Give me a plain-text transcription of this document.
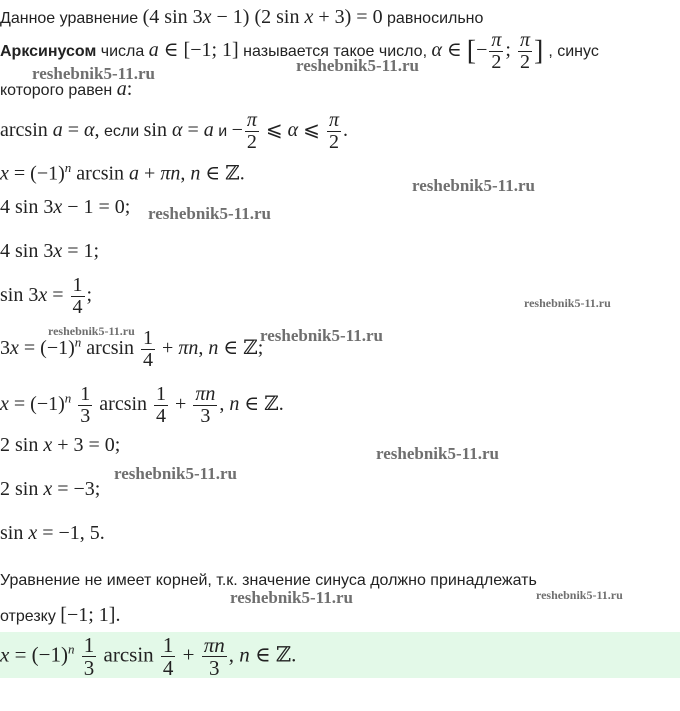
Данное уравнение (4 sin 3x − 1) (2 sin x + 3) = 0 равносильно
Арксинусом числа a ∈ [−1; 1] называется такое число, α ∈ [− $\frac{\pi}{2}$ ; $\frac{\pi}{2}$ ] , синус
которого равен a:
arcsin a = α, если sin α = a $и - \frac{\pi}{2}$ ⩽ α ⩽ $\frac{\pi}{2}$ .
$x = (-1)^n$ arcsin a + πn, n ∈ ℤ.
4 sin 3x − 1 = 0;
4 sin 3x = 1;
$\sin 3x = \frac{1}{4}$ ;
$3x = (-1)^n$ $\arcsin \frac{1}{4} + \pi n$, n ∈ ℤ;
$x = (-1)^n \frac{1}{3}$ $\arcsin \frac{1}{4} + \frac{\pi n}{3}$ , n ∈ ℤ.
2 sin x + 3 = 0;
2 sin x = −3;
sin x = −1, 5.
Уравнение не имеет корней, т.к. значение синуса должно принадлежать
отрезку [−1; 1].
$x = (-1)^n \frac{1}{3}$ $\arcsin \frac{1}{4} + \frac{\pi n}{3}$ , n ∈ ℤ.
reshebnik5-11.ru	reshebnik5-11.ru
reshebnik5-11.ru
reshebnik5-11.ru
reshebnik5-11.ru
reshebnik5-11.ru	reshebnik5-11.ru
reshebnik5-11.ru
reshebnik5-11.ru
reshebnik5-11.ru	reshebnik5-11.ru
